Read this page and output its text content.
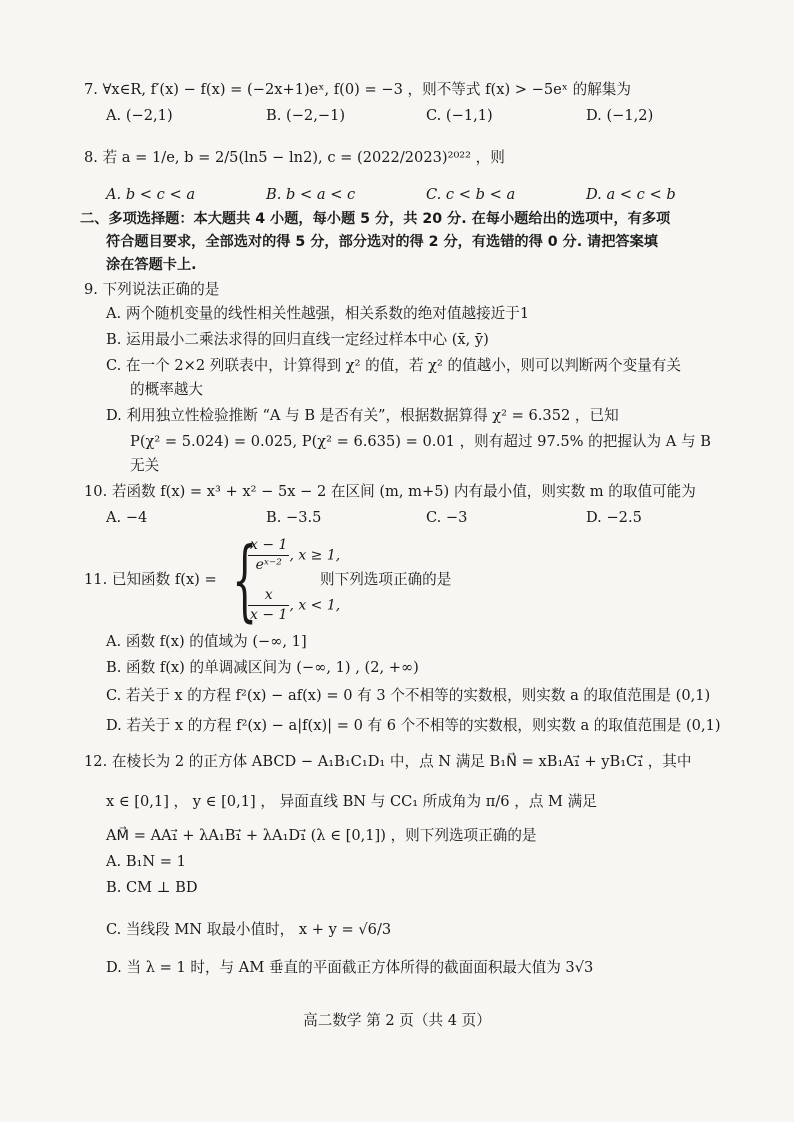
7. ∀x∈R, f′(x) − f(x) = (−2x+1)eˣ, f(0) = −3 ，则不等式 f(x) > −5eˣ 的解集为
A. (−2,1)	B. (−2,−1)	C. (−1,1)	D. (−1,2)
8. 若 a = 1/e, b = 2/5(ln5 − ln2), c = (2022/2023)²⁰²² ，则
A. b < c < a	B. b < a < c	C. c < b < a	D. a < c < b
二、多项选择题：本大题共 4 小题，每小题 5 分，共 20 分. 在每小题给出的选项中，有多项
符合题目要求，全部选对的得 5 分，部分选对的得 2 分，有选错的得 0 分. 请把答案填
涂在答题卡上.
9. 下列说法正确的是
A. 两个随机变量的线性相关性越强，相关系数的绝对值越接近于1
B. 运用最小二乘法求得的回归直线一定经过样本中心 (x̄, ȳ)
C. 在一个 2×2 列联表中，计算得到 χ² 的值，若 χ² 的值越小，则可以判断两个变量有关
的概率越大
D. 利用独立性检验推断 “A 与 B 是否有关”，根据数据算得 χ² = 6.352 ，已知
P(χ² = 5.024) = 0.025, P(χ² = 6.635) = 0.01 ，则有超过 97.5% 的把握认为 A 与 B
无关
10. 若函数 f(x) = x³ + x² − 5x − 2 在区间 (m, m+5) 内有最小值，则实数 m 的取值可能为
A. −4	B. −3.5	C. −3	D. −2.5
11. 已知函数 f(x) = {
$\frac{x - 1}{\text{eˣ⁻²}}$ , x ≥ 1,
$\frac{x}{x - 1}$ , x < 1,
则下列选项正确的是
A. 函数 f(x) 的值域为 (−∞, 1]
B. 函数 f(x) 的单调减区间为 (−∞, 1) , (2, +∞)
C. 若关于 x 的方程 f²(x) − af(x) = 0 有 3 个不相等的实数根，则实数 a 的取值范围是 (0,1)
D. 若关于 x 的方程 f²(x) − a|f(x)| = 0 有 6 个不相等的实数根，则实数 a 的取值范围是 (0,1)
12. 在棱长为 2 的正方体 ABCD − A₁B₁C₁D₁ 中，点 N 满足 B₁N⃗ = xB₁A₁⃗ + yB₁C₁⃗ ，其中
x ∈ [0,1] ， y ∈ [0,1] ， 异面直线 BN 与 CC₁ 所成角为 π/6 ，点 M 满足
AM⃗ = AA₁⃗ + λA₁B₁⃗ + λA₁D₁⃗ (λ ∈ [0,1]) ，则下列选项正确的是
A. B₁N = 1
B. CM ⊥ BD
C. 当线段 MN 取最小值时， x + y = √6/3
D. 当 λ = 1 时，与 AM 垂直的平面截正方体所得的截面面积最大值为 3√3
高二数学 第 2 页（共 4 页）
